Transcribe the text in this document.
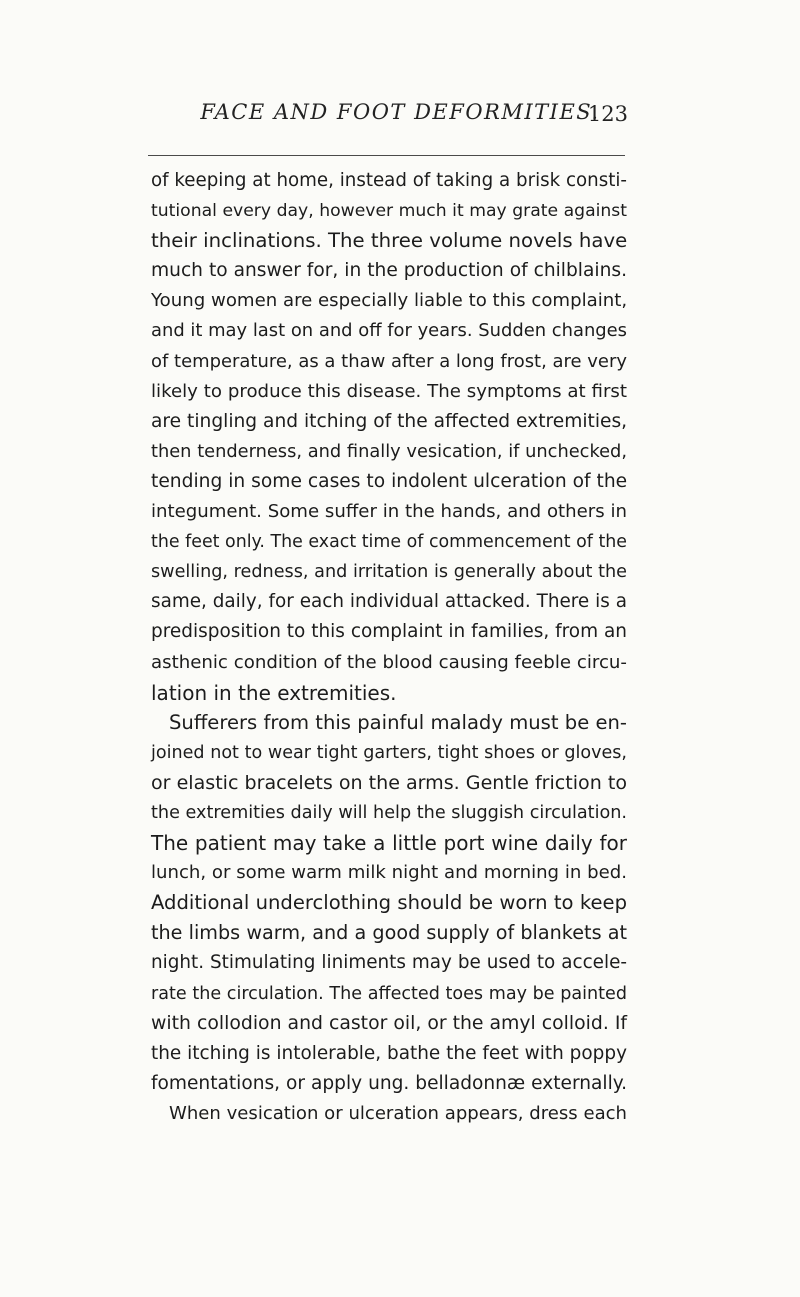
FACE AND FOOT DEFORMITIES.
123
of keeping at home, instead of taking a brisk consti-
tutional every day, however much it may grate against
their inclinations. The three volume novels have
much to answer for, in the production of chilblains.
Young women are especially liable to this complaint,
and it may last on and off for years. Sudden changes
of temperature, as a thaw after a long frost, are very
likely to produce this disease. The symptoms at first
are tingling and itching of the affected extremities,
then tenderness, and finally vesication, if unchecked,
tending in some cases to indolent ulceration of the
integument. Some suffer in the hands, and others in
the feet only. The exact time of commencement of the
swelling, redness, and irritation is generally about the
same, daily, for each individual attacked. There is a
predisposition to this complaint in families, from an
asthenic condition of the blood causing feeble circu-
lation in the extremities.
Sufferers from this painful malady must be en-
joined not to wear tight garters, tight shoes or gloves,
or elastic bracelets on the arms. Gentle friction to
the extremities daily will help the sluggish circulation.
The patient may take a little port wine daily for
lunch, or some warm milk night and morning in bed.
Additional underclothing should be worn to keep
the limbs warm, and a good supply of blankets at
night. Stimulating liniments may be used to accele-
rate the circulation. The affected toes may be painted
with collodion and castor oil, or the amyl colloid. If
the itching is intolerable, bathe the feet with poppy
fomentations, or apply ung. belladonnæ externally.
When vesication or ulceration appears, dress each
